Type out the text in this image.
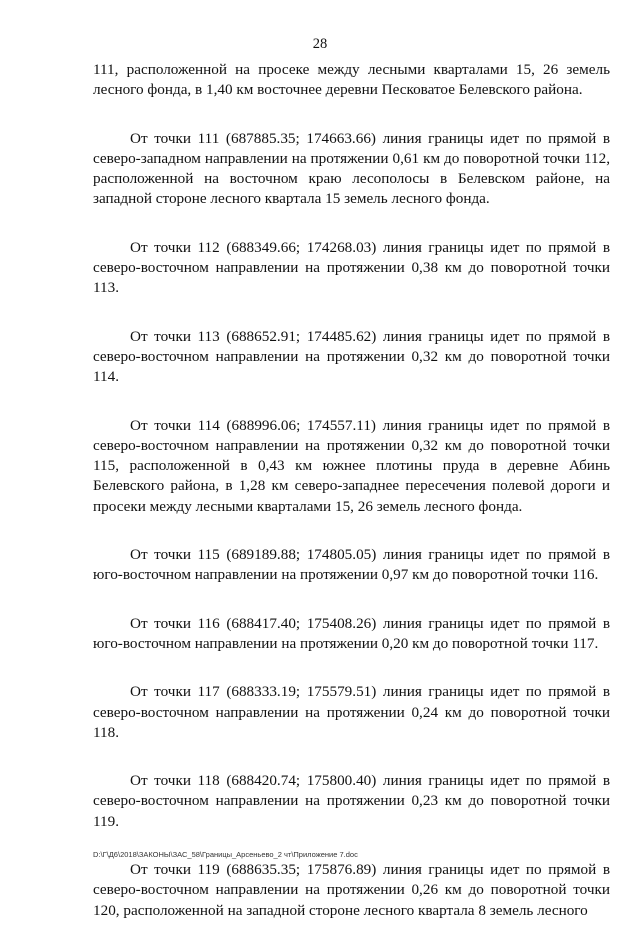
28

111, расположенной на просеке между лесными кварталами 15, 26 земель лесного фонда, в 1,40 км восточнее деревни Песковатое Белевского района.

От точки 111 (687885.35; 174663.66) линия границы идет по прямой в северо-западном направлении на протяжении 0,61 км до поворотной точки 112, расположенной на восточном краю лесополосы в Белевском районе, на западной стороне лесного квартала 15 земель лесного фонда.

От точки 112 (688349.66; 174268.03) линия границы идет по прямой в северо-восточном направлении на протяжении 0,38 км до поворотной точки 113.

От точки 113 (688652.91; 174485.62) линия границы идет по прямой в северо-восточном направлении на протяжении 0,32 км до поворотной точки 114.

От точки 114 (688996.06; 174557.11) линия границы идет по прямой в северо-восточном направлении на протяжении 0,32 км до поворотной точки 115, расположенной в 0,43 км южнее плотины пруда в деревне Абинь Белевского района, в 1,28 км северо-западнее пересечения полевой дороги и просеки между лесными кварталами 15, 26 земель лесного фонда.

От точки 115 (689189.88; 174805.05) линия границы идет по прямой в юго-восточном направлении на протяжении 0,97 км до поворотной точки 116.

От точки 116 (688417.40; 175408.26) линия границы идет по прямой в юго-восточном направлении на протяжении 0,20 км до поворотной точки 117.

От точки 117 (688333.19; 175579.51) линия границы идет по прямой в северо-восточном направлении на протяжении 0,24 км до поворотной точки 118.

От точки 118 (688420.74; 175800.40) линия границы идет по прямой в северо-восточном направлении на протяжении 0,23 км до поворотной точки 119.

От точки 119 (688635.35; 175876.89) линия границы идет по прямой в северо-восточном направлении на протяжении 0,26 км до поворотной точки 120, расположенной на западной стороне лесного квартала 8 земель лесного

D:\Г\Д6\2018\ЗАКОНЫ\ЗАС_58\Границы_Арсеньево_2 чт\Приложение 7.doc
